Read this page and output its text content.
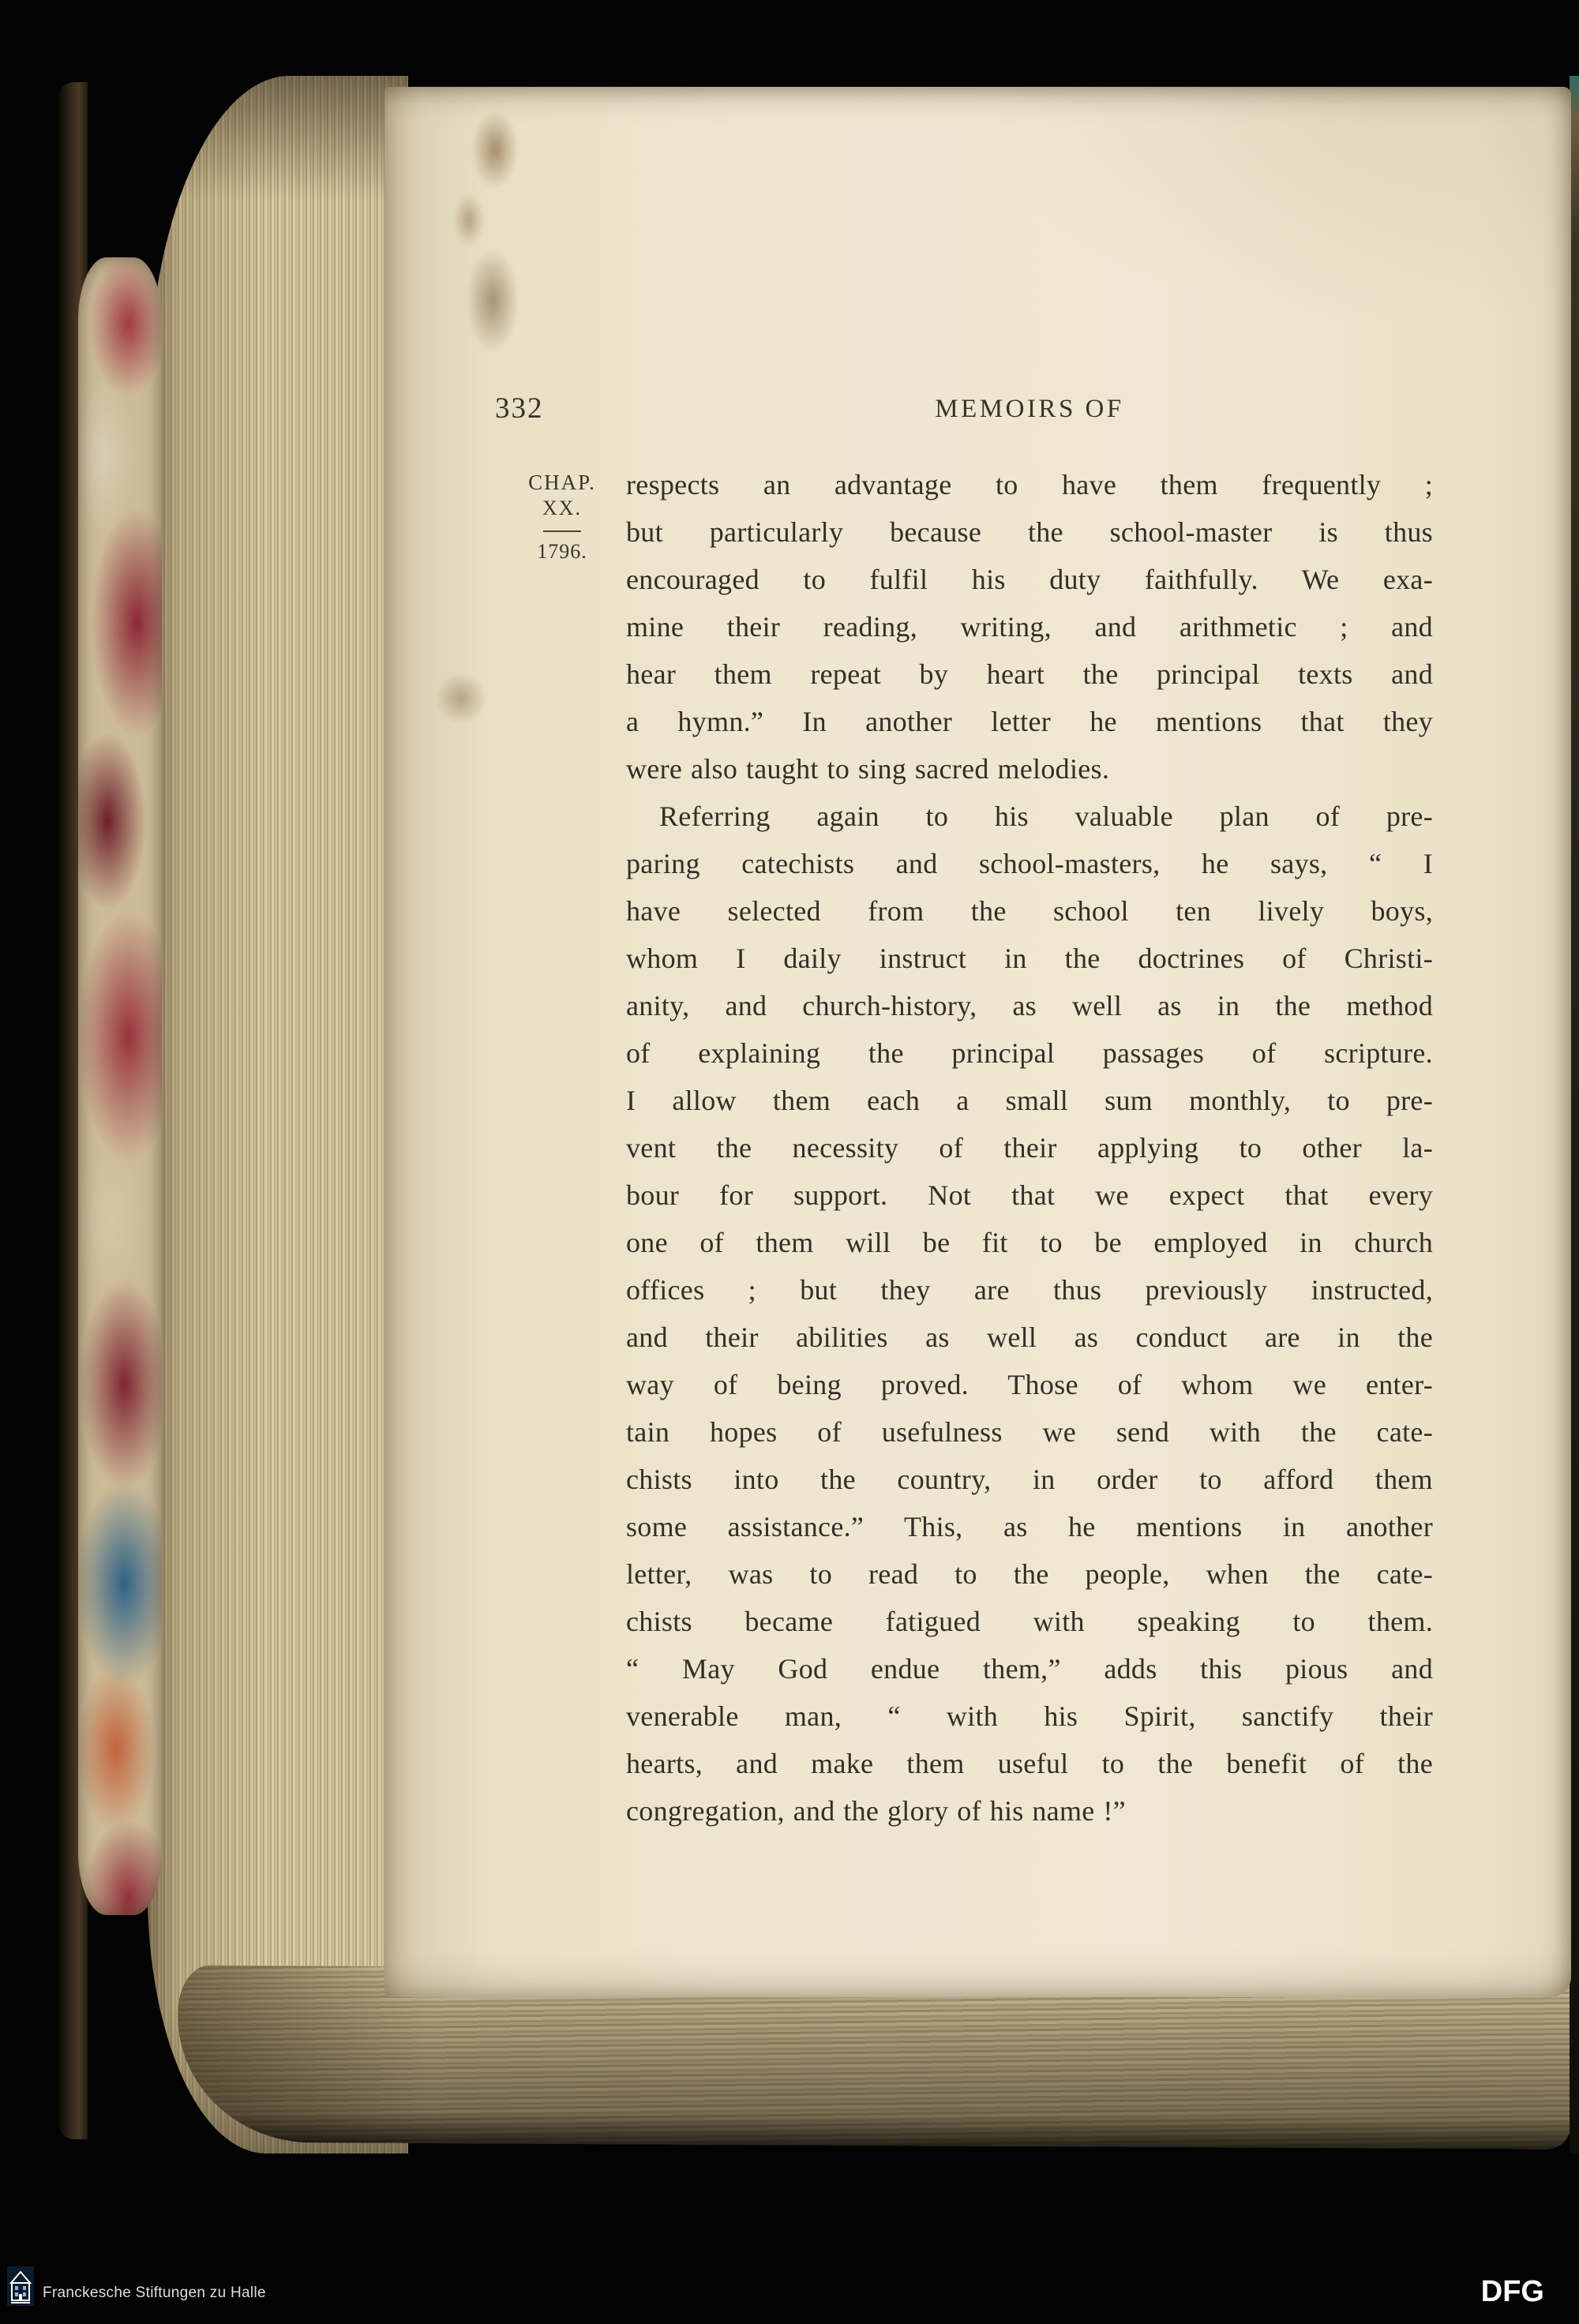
332	MEMOIRS OF
CHAP.
XX.
1796.
respects an advantage to have them frequently ;
but particularly because the school-master is thus
encouraged to fulfil his duty faithfully. We exa-
mine their reading, writing, and arithmetic ; and
hear them repeat by heart the principal texts and
a hymn.” In another letter he mentions that they
were also taught to sing sacred melodies.
Referring again to his valuable plan of pre-
paring catechists and school-masters, he says, “ I
have selected from the school ten lively boys,
whom I daily instruct in the doctrines of Christi-
anity, and church-history, as well as in the method
of explaining the principal passages of scripture.
I allow them each a small sum monthly, to pre-
vent the necessity of their applying to other la-
bour for support. Not that we expect that every
one of them will be fit to be employed in church
offices ; but they are thus previously instructed,
and their abilities as well as conduct are in the
way of being proved. Those of whom we enter-
tain hopes of usefulness we send with the cate-
chists into the country, in order to afford them
some assistance.” This, as he mentions in another
letter, was to read to the people, when the cate-
chists became fatigued with speaking to them.
“ May God endue them,” adds this pious and
venerable man, “ with his Spirit, sanctify their
hearts, and make them useful to the benefit of the
congregation, and the glory of his name !”
Franckesche Stiftungen zu Halle	DFG
